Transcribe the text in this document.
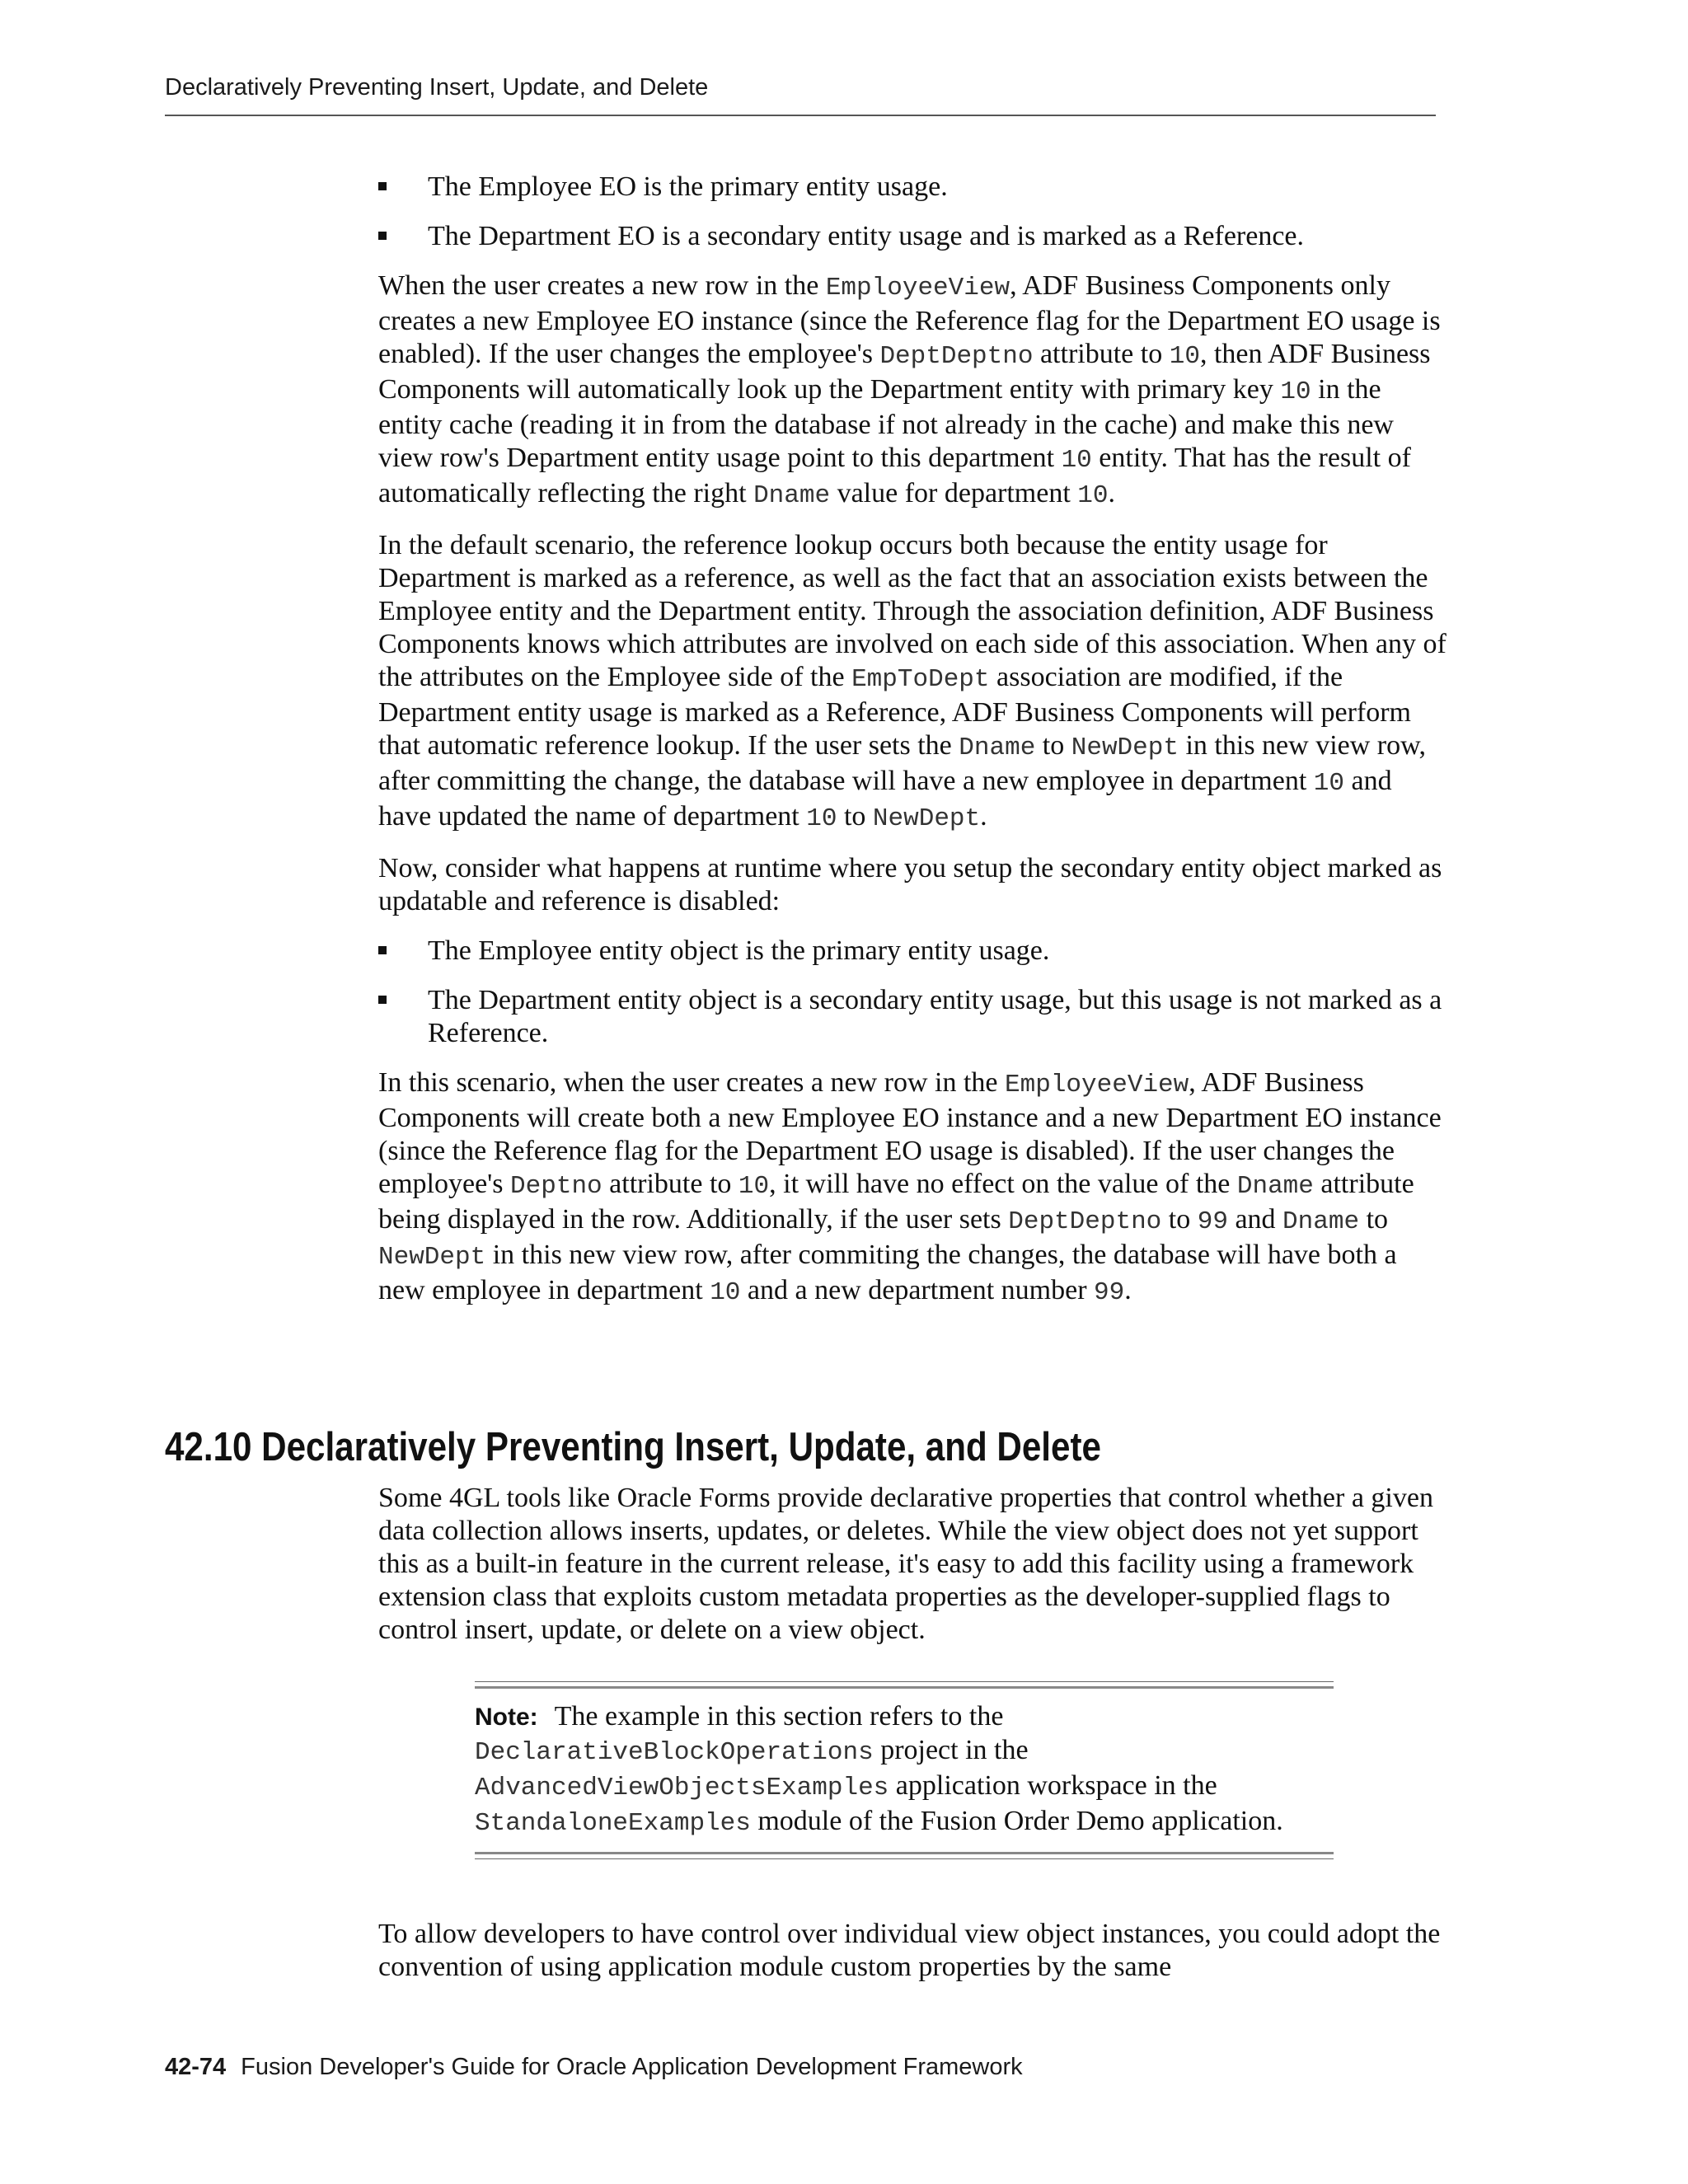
Declaratively Preventing Insert, Update, and Delete
The Employee EO is the primary entity usage.
The Department EO is a secondary entity usage and is marked as a Reference.

When the user creates a new row in the EmployeeView, ADF Business Components only creates a new Employee EO instance (since the Reference flag for the Department EO usage is enabled). If the user changes the employee's DeptDeptno attribute to 10, then ADF Business Components will automatically look up the Department entity with primary key 10 in the entity cache (reading it in from the database if not already in the cache) and make this new view row's Department entity usage point to this department 10 entity. That has the result of automatically reflecting the right Dname value for department 10.

In the default scenario, the reference lookup occurs both because the entity usage for Department is marked as a reference, as well as the fact that an association exists between the Employee entity and the Department entity. Through the association definition, ADF Business Components knows which attributes are involved on each side of this association. When any of the attributes on the Employee side of the EmpToDept association are modified, if the Department entity usage is marked as a Reference, ADF Business Components will perform that automatic reference lookup. If the user sets the Dname to NewDept in this new view row, after committing the change, the database will have a new employee in department 10 and have updated the name of department 10 to NewDept.

Now, consider what happens at runtime where you setup the secondary entity object marked as updatable and reference is disabled:

The Employee entity object is the primary entity usage.
The Department entity object is a secondary entity usage, but this usage is not marked as a Reference.

In this scenario, when the user creates a new row in the EmployeeView, ADF Business Components will create both a new Employee EO instance and a new Department EO instance (since the Reference flag for the Department EO usage is disabled). If the user changes the employee's Deptno attribute to 10, it will have no effect on the value of the Dname attribute being displayed in the row. Additionally, if the user sets DeptDeptno to 99 and Dname to NewDept in this new view row, after commiting the changes, the database will have both a new employee in department 10 and a new department number 99.

42.10 Declaratively Preventing Insert, Update, and Delete

Some 4GL tools like Oracle Forms provide declarative properties that control whether a given data collection allows inserts, updates, or deletes. While the view object does not yet support this as a built-in feature in the current release, it's easy to add this facility using a framework extension class that exploits custom metadata properties as the developer-supplied flags to control insert, update, or delete on a view object.

Note: The example in this section refers to the DeclarativeBlockOperations project in the AdvancedViewObjectsExamples application workspace in the StandaloneExamples module of the Fusion Order Demo application.

To allow developers to have control over individual view object instances, you could adopt the convention of using application module custom properties by the same

42-74 Fusion Developer's Guide for Oracle Application Development Framework
